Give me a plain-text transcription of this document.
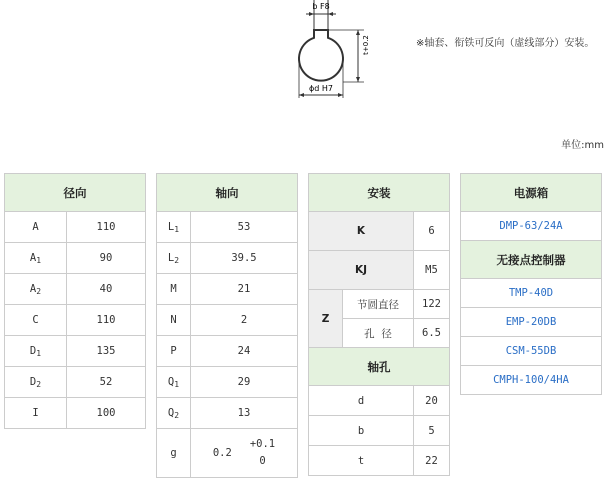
b F8
t+0.2
ϕd H7
※轴套、衔铁可反向（虚线部分）安装。
单位:mm
径向	
A	110
$A_1$	90
$A_2$	40
C	110
$D_1$	135
$D_2$	52
I	100
轴向	
$L_1$	53
$L_2$	39.5
M	21
N	2
P	24
$Q_1$	29
$Q_2$	13
g	0.2+0.1
0
安装		
K		6
KJ		M5
Z	节圆直径	122
	孔  径	6.5
轴孔		
d		20
b		5
t		22
电源箱
DMP-63/24A
无接点控制器
TMP-40D
EMP-20DB
CSM-55DB
CMPH-100/4HA
